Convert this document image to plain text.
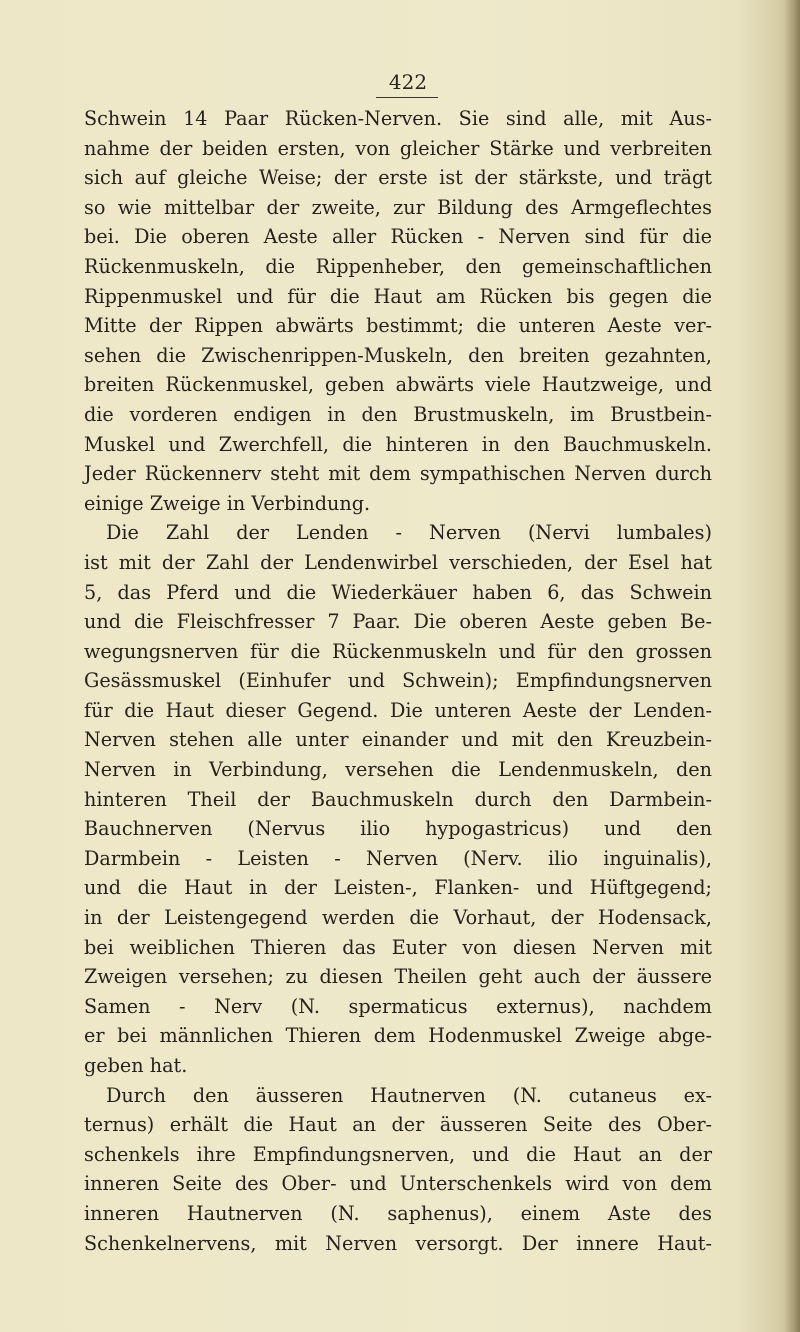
422

Schwein 14 Paar Rücken-Nerven. Sie sind alle, mit Aus-
nahme der beiden ersten, von gleicher Stärke und verbreiten
sich auf gleiche Weise; der erste ist der stärkste, und trägt
so wie mittelbar der zweite, zur Bildung des Armgeflechtes
bei. Die oberen Aeste aller Rücken - Nerven sind für die
Rückenmuskeln, die Rippenheber, den gemeinschaftlichen
Rippenmuskel und für die Haut am Rücken bis gegen die
Mitte der Rippen abwärts bestimmt; die unteren Aeste ver-
sehen die Zwischenrippen-Muskeln, den breiten gezahnten,
breiten Rückenmuskel, geben abwärts viele Hautzweige, und
die vorderen endigen in den Brustmuskeln, im Brustbein-
Muskel und Zwerchfell, die hinteren in den Bauchmuskeln.
Jeder Rückennerv steht mit dem sympathischen Nerven durch
einige Zweige in Verbindung.
Die Zahl der Lenden - Nerven (Nervi lumbales)
ist mit der Zahl der Lendenwirbel verschieden, der Esel hat
5, das Pferd und die Wiederkäuer haben 6, das Schwein
und die Fleischfresser 7 Paar. Die oberen Aeste geben Be-
wegungsnerven für die Rückenmuskeln und für den grossen
Gesässmuskel (Einhufer und Schwein); Empfindungsnerven
für die Haut dieser Gegend. Die unteren Aeste der Lenden-
Nerven stehen alle unter einander und mit den Kreuzbein-
Nerven in Verbindung, versehen die Lendenmuskeln, den
hinteren Theil der Bauchmuskeln durch den Darmbein-
Bauchnerven (Nervus ilio hypogastricus) und den
Darmbein - Leisten - Nerven (Nerv. ilio inguinalis),
und die Haut in der Leisten-, Flanken- und Hüftgegend;
in der Leistengegend werden die Vorhaut, der Hodensack,
bei weiblichen Thieren das Euter von diesen Nerven mit
Zweigen versehen; zu diesen Theilen geht auch der äussere
Samen - Nerv (N. spermaticus externus), nachdem
er bei männlichen Thieren dem Hodenmuskel Zweige abge-
geben hat.
Durch den äusseren Hautnerven (N. cutaneus ex-
ternus) erhält die Haut an der äusseren Seite des Ober-
schenkels ihre Empfindungsnerven, und die Haut an der
inneren Seite des Ober- und Unterschenkels wird von dem
inneren Hautnerven (N. saphenus), einem Aste des
Schenkelnervens, mit Nerven versorgt. Der innere Haut-
